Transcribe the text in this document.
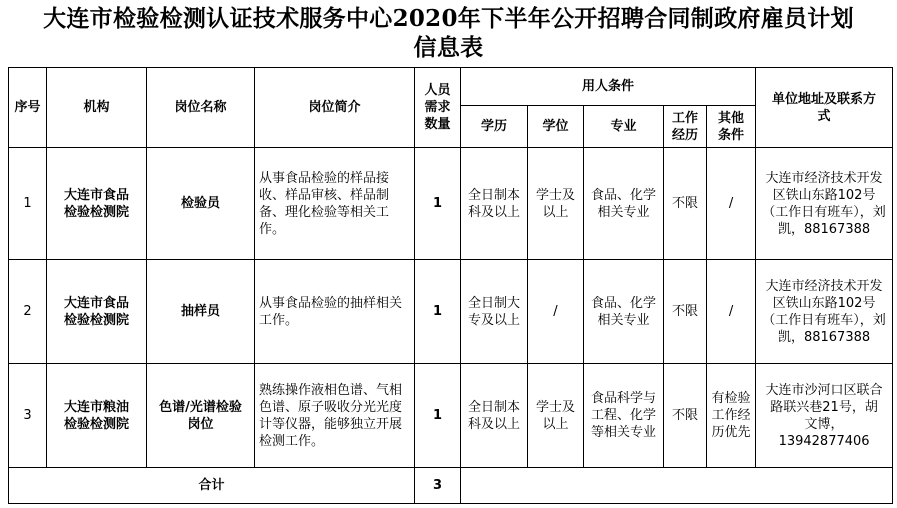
大连市检验检测认证技术服务中心2020年下半年公开招聘合同制政府雇员计划
信息表
序号	机构	岗位名称	岗位简介	人员需求数量	用人条件					单位地址及联系方式
					学历	学位	专业	工作经历	其他条件	
1	大连市食品检验检测院	检验员	从事食品检验的样品接收、样品审核、样品制备、理化检验等相关工作。	1	全日制本科及以上	学士及以上	食品、化学相关专业	不限	/	大连市经济技术开发区铁山东路102号（工作日有班车），刘凯，88167388
2	大连市食品检验检测院	抽样员	从事食品检验的抽样相关工作。	1	全日制大专及以上	/	食品、化学相关专业	不限	/	大连市经济技术开发区铁山东路102号（工作日有班车），刘凯，88167388
3	大连市粮油检验检测院	色谱/光谱检验岗位	熟练操作液相色谱、气相色谱、原子吸收分光光度计等仪器，能够独立开展检测工作。	1	全日制本科及以上	学士及以上	食品科学与工程、化学等相关专业	不限	有检验工作经历优先	大连市沙河口区联合路联兴巷21号，胡文博，13942877406
合计				3						
